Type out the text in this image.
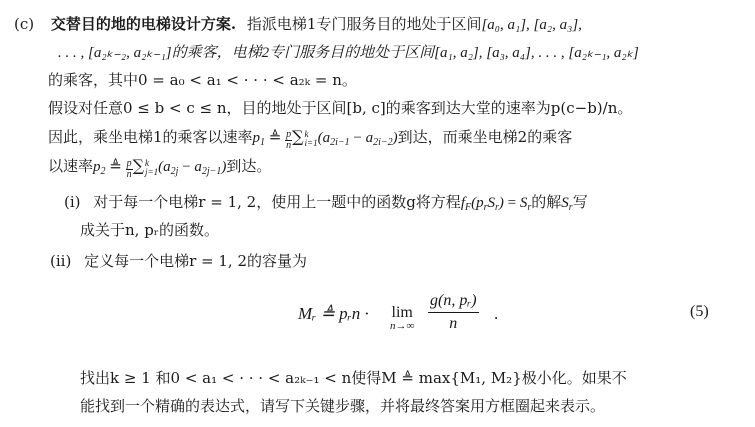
(c) 交替目的地的电梯设计方案. 指派电梯1专门服务目的地处于区间[a₀, a₁], [a₂, a₃],
. . . , [a₂ₖ₋₂, a₂ₖ₋₁]的乘客，电梯2专门服务目的地处于区间[a₁, a₂], [a₃, a₄], . . . , [a₂ₖ₋₁, a₂ₖ]
的乘客，其中0 = a₀ < a₁ < · · · < a₂ₖ = n。
假设对任意0 ≤ b < c ≤ n，目的地处于区间[b, c]的乘客到达大堂的速率为p(c−b)/n。
因此，乘坐电梯1的乘客以速率$p_1$ ≜ $\frac{p}{n}$ ∑ k
i=1 $(a_{2i-1} - a_{2i-2})$到达，而乘坐电梯2的乘客
以速率$p_2$ ≜ $\frac{p}{n}$ ∑ k
j=1 $(a_{2j} - a_{2j-1})$到达。
(i) 对于每一个电梯r = 1, 2，使用上一题中的函数g将方程$f_F(p_rS_r) = S_r$的解$S_r$写
成关于n, pᵣ的函数。
(ii) 定义每一个电梯r = 1, 2的容量为
Mᵣ ≜ pᵣn · lim
$n\to\infty \frac{\text{g(n, pᵣ)}}{n}$ .	(5)
找出k ≥ 1 和0 < a₁ < · · · < a₂ₖ₋₁ < n使得M ≜ max{M₁, M₂}极小化。如果不
能找到一个精确的表达式，请写下关键步骤，并将最终答案用方框圈起来表示。
